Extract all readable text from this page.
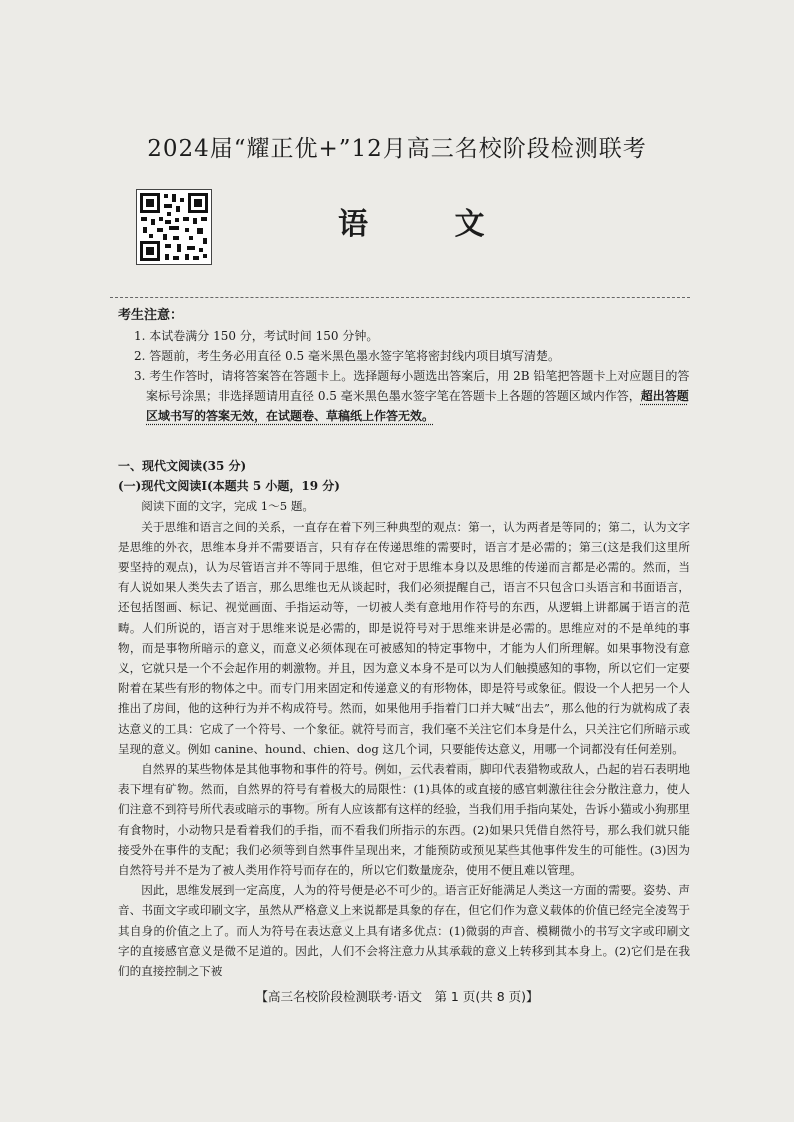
2024届“耀正优+”12月高三名校阶段检测联考
语 文

考生注意：

1. 本试卷满分 150 分，考试时间 150 分钟。

2. 答题前，考生务必用直径 0.5 毫米黑色墨水签字笔将密封线内项目填写清楚。

3. 考生作答时，请将答案答在答题卡上。选择题每小题选出答案后，用 2B 铅笔把答题卡上对应题目的答案标号涂黑；非选择题请用直径 0.5 毫米黑色墨水签字笔在答题卡上各题的答题区域内作答，超出答题区域书写的答案无效，在试题卷、草稿纸上作答无效。

一、现代文阅读(35 分)

(一)现代文阅读Ⅰ(本题共 5 小题，19 分)

阅读下面的文字，完成 1～5 题。

关于思维和语言之间的关系，一直存在着下列三种典型的观点：第一，认为两者是等同的；第二，认为文字是思维的外衣，思维本身并不需要语言，只有存在传递思维的需要时，语言才是必需的；第三(这是我们这里所要坚持的观点)，认为尽管语言并不等同于思维，但它对于思维本身以及思维的传递而言都是必需的。然而，当有人说如果人类失去了语言，那么思维也无从谈起时，我们必须提醒自己，语言不只包含口头语言和书面语言，还包括图画、标记、视觉画面、手指运动等，一切被人类有意地用作符号的东西，从逻辑上讲都属于语言的范畴。人们所说的，语言对于思维来说是必需的，即是说符号对于思维来讲是必需的。思维应对的不是单纯的事物，而是事物所暗示的意义，而意义必须体现在可被感知的特定事物中，才能为人们所理解。如果事物没有意义，它就只是一个不会起作用的刺激物。并且，因为意义本身不是可以为人们触摸感知的事物，所以它们一定要附着在某些有形的物体之中。而专门用来固定和传递意义的有形物体，即是符号或象征。假设一个人把另一个人推出了房间，他的这种行为并不构成符号。然而，如果他用手指着门口并大喊“出去”，那么他的行为就构成了表达意义的工具：它成了一个符号、一个象征。就符号而言，我们毫不关注它们本身是什么，只关注它们所暗示或呈现的意义。例如 canine、hound、chien、dog 这几个词，只要能传达意义，用哪一个词都没有任何差别。

自然界的某些物体是其他事物和事件的符号。例如，云代表着雨，脚印代表猎物或敌人，凸起的岩石表明地表下埋有矿物。然而，自然界的符号有着极大的局限性：(1)具体的或直接的感官刺激往往会分散注意力，使人们注意不到符号所代表或暗示的事物。所有人应该都有这样的经验，当我们用手指向某处，告诉小猫或小狗那里有食物时，小动物只是看着我们的手指，而不看我们所指示的东西。(2)如果只凭借自然符号，那么我们就只能接受外在事件的支配；我们必须等到自然事件呈现出来，才能预防或预见某些其他事件发生的可能性。(3)因为自然符号并不是为了被人类用作符号而存在的，所以它们数量庞杂，使用不便且难以管理。

因此，思维发展到一定高度，人为的符号便是必不可少的。语言正好能满足人类这一方面的需要。姿势、声音、书面文字或印刷文字，虽然从严格意义上来说都是具象的存在，但它们作为意义载体的价值已经完全凌驾于其自身的价值之上了。而人为符号在表达意义上具有诸多优点：(1)微弱的声音、模糊微小的书写文字或印刷文字的直接感官意义是微不足道的。因此，人们不会将注意力从其承载的意义上转移到其本身上。(2)它们是在我们的直接控制之下被

【高三名校阶段检测联考·语文　第 1 页(共 8 页)】
